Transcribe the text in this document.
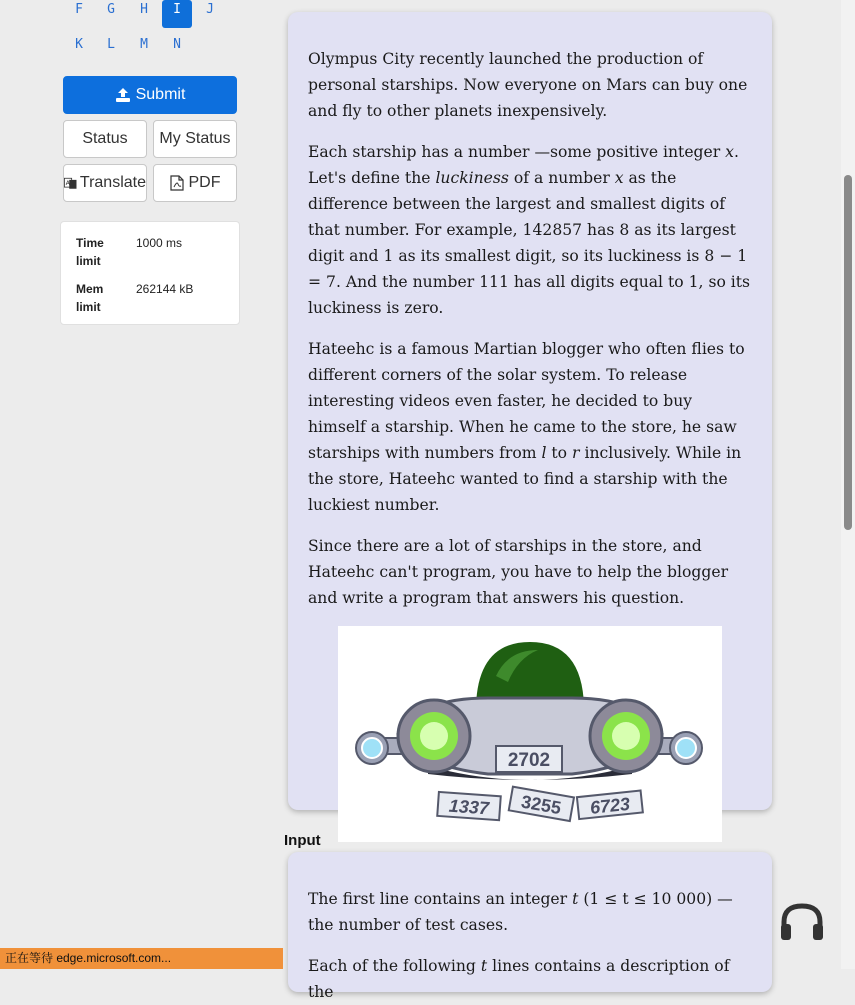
F	G	H	I	J
K	L	M	N
Submit
Status My Status
A Translate	PDF
Time
limit
1000 ms
Mem
limit
262144 kB

Olympus City recently launched the production of personal starships. Now everyone on Mars can buy one and fly to other planets inexpensively.

Each starship has a number —some positive integer x. Let's define the luckiness of a number x as the difference between the largest and smallest digits of that number. For example, 142857 has 8 as its largest digit and 1 as its smallest digit, so its luckiness is 8 − 1 = 7. And the number 111 has all digits equal to 1, so its luckiness is zero.

Hateehc is a famous Martian blogger who often flies to different corners of the solar system. To release interesting videos even faster, he decided to buy himself a starship. When he came to the store, he saw starships with numbers from l to r inclusively. While in the store, Hateehc wanted to find a starship with the luckiest number.

Since there are a lot of starships in the store, and Hateehc can't program, you have to help the blogger and write a program that answers his question.

2702
1337 3255 6723
Input

The first line contains an integer t (1 ≤ t ≤ 10 000) —the number of test cases.

Each of the following t lines contains a description of the

正在等待 edge.microsoft.com...
